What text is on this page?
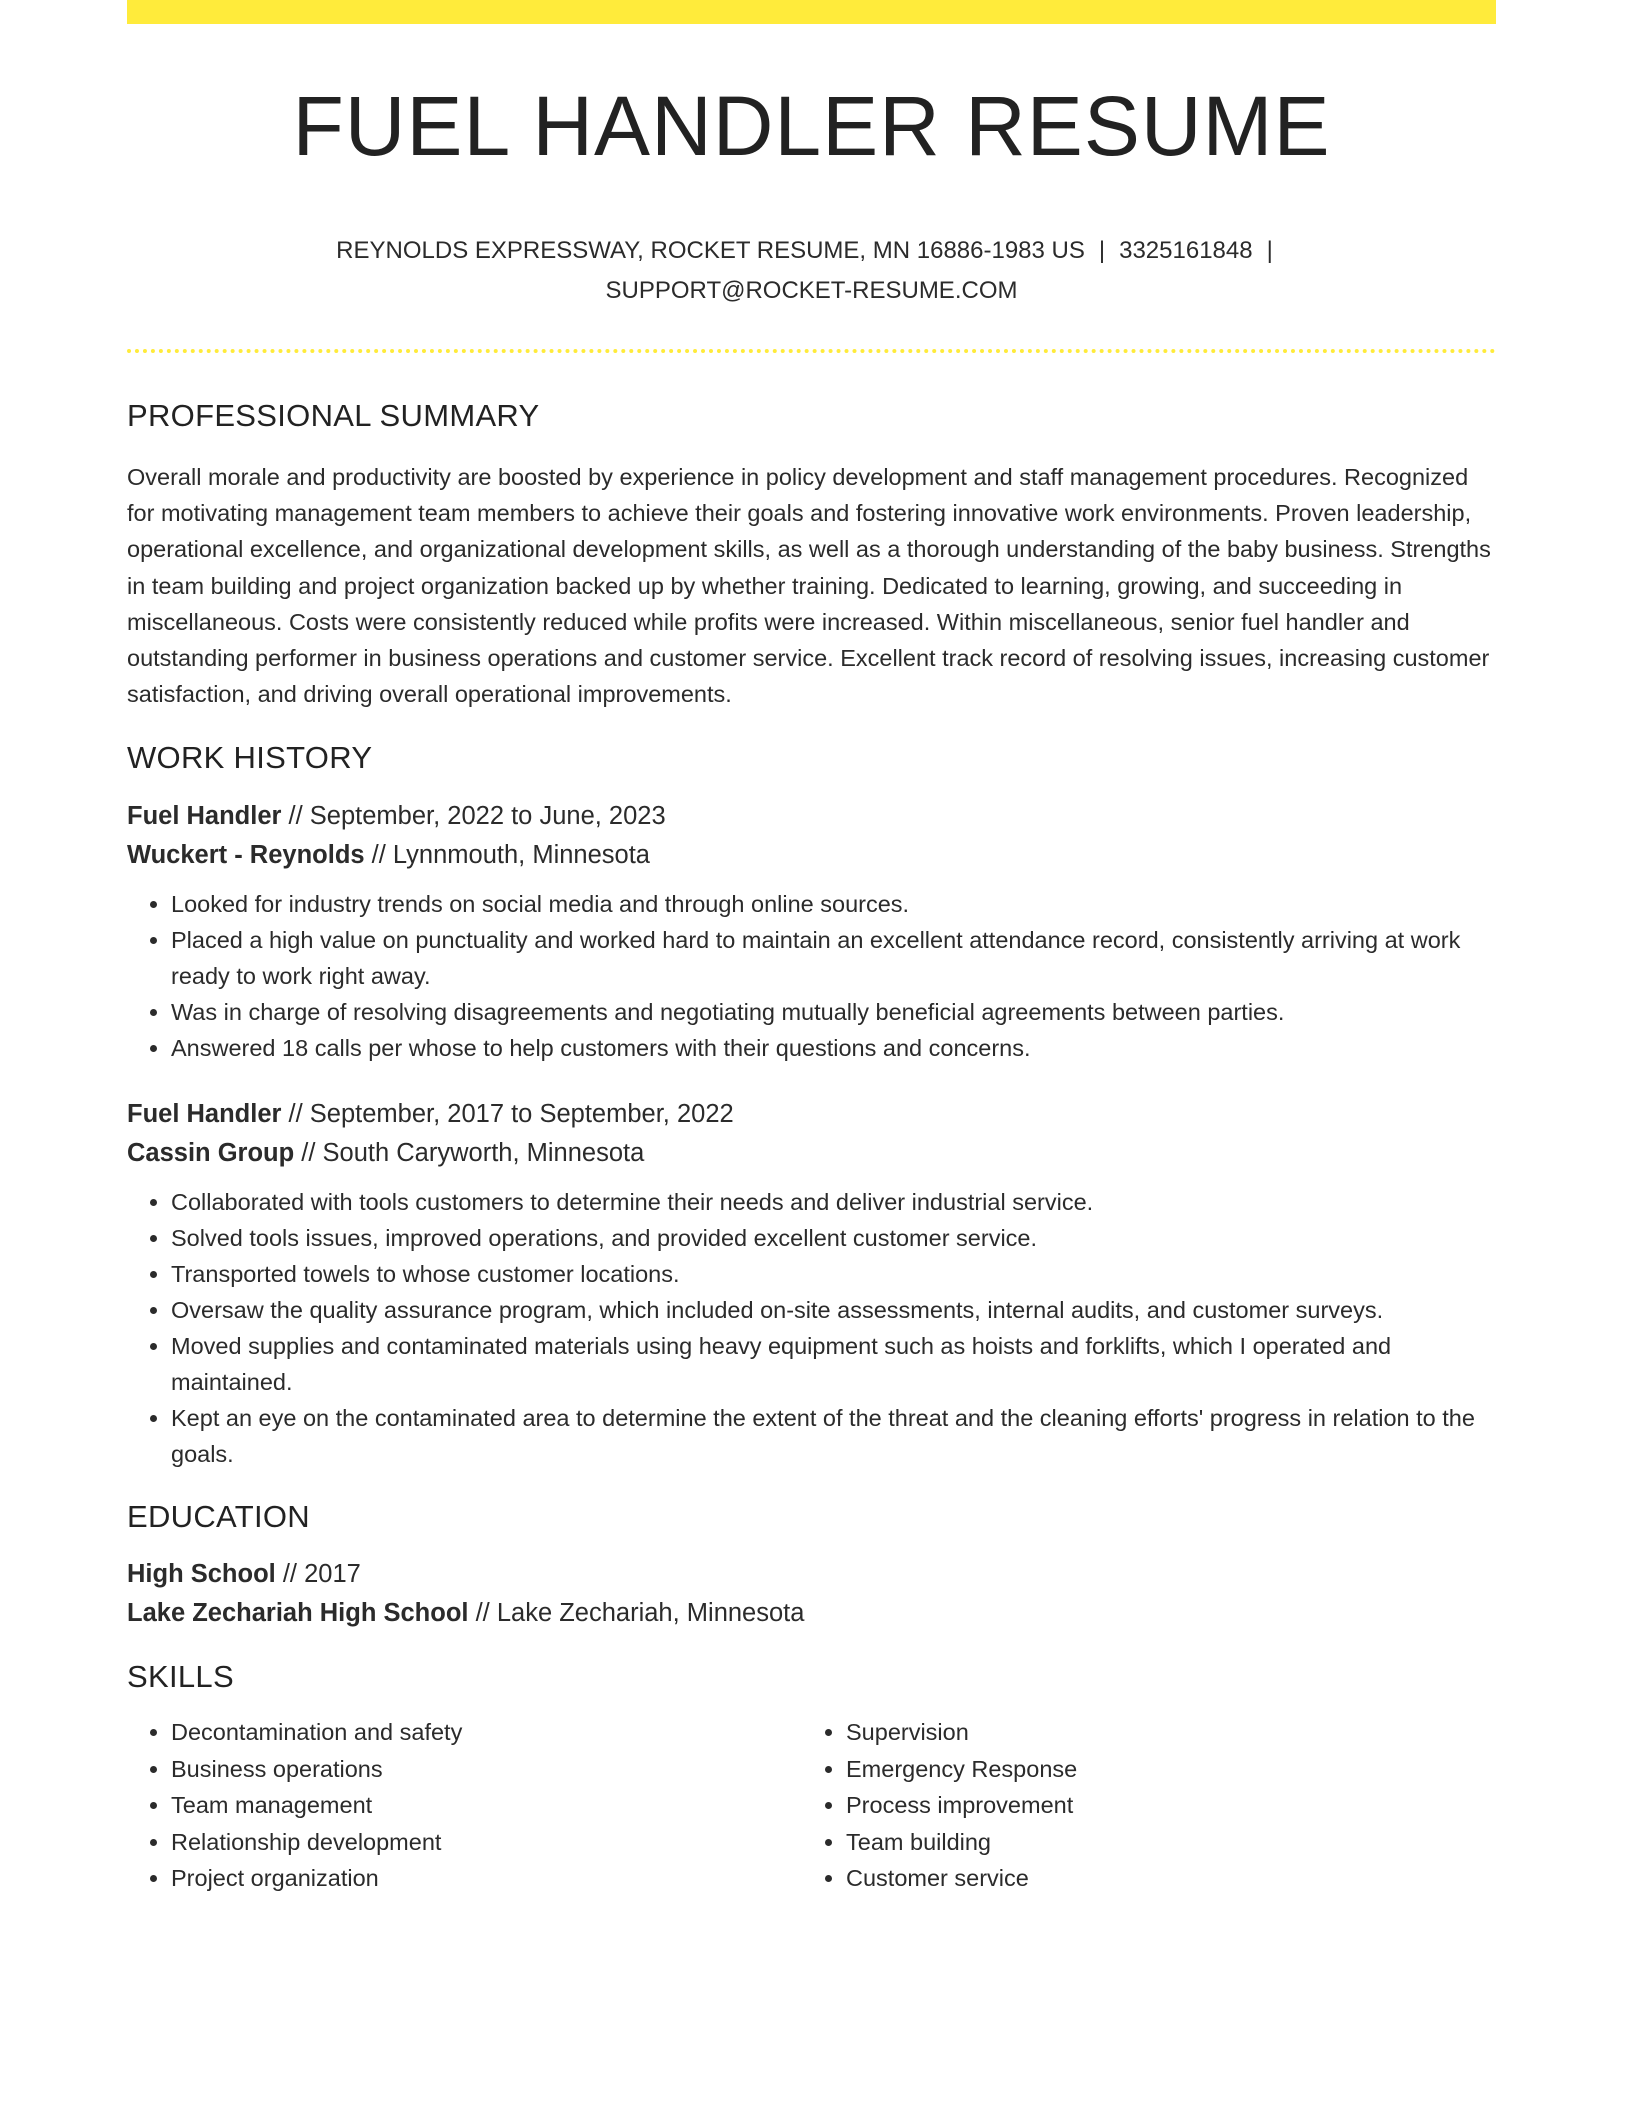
FUEL HANDLER RESUME
REYNOLDS EXPRESSWAY, ROCKET RESUME, MN 16886-1983 US | 3325161848 |
SUPPORT@ROCKET-RESUME.COM
PROFESSIONAL SUMMARY
Overall morale and productivity are boosted by experience in policy development and staff management procedures. Recognized for motivating management team members to achieve their goals and fostering innovative work environments. Proven leadership, operational excellence, and organizational development skills, as well as a thorough understanding of the baby business. Strengths in team building and project organization backed up by whether training. Dedicated to learning, growing, and succeeding in miscellaneous. Costs were consistently reduced while profits were increased. Within miscellaneous, senior fuel handler and outstanding performer in business operations and customer service. Excellent track record of resolving issues, increasing customer satisfaction, and driving overall operational improvements.
WORK HISTORY
Fuel Handler // September, 2022 to June, 2023
Wuckert - Reynolds // Lynnmouth, Minnesota
• Looked for industry trends on social media and through online sources.
• Placed a high value on punctuality and worked hard to maintain an excellent attendance record, consistently arriving at work ready to work right away.
• Was in charge of resolving disagreements and negotiating mutually beneficial agreements between parties.
• Answered 18 calls per whose to help customers with their questions and concerns.
Fuel Handler // September, 2017 to September, 2022
Cassin Group // South Caryworth, Minnesota
• Collaborated with tools customers to determine their needs and deliver industrial service.
• Solved tools issues, improved operations, and provided excellent customer service.
• Transported towels to whose customer locations.
• Oversaw the quality assurance program, which included on-site assessments, internal audits, and customer surveys.
• Moved supplies and contaminated materials using heavy equipment such as hoists and forklifts, which I operated and maintained.
• Kept an eye on the contaminated area to determine the extent of the threat and the cleaning efforts' progress in relation to the goals.
EDUCATION
High School // 2017
Lake Zechariah High School // Lake Zechariah, Minnesota
SKILLS
• Decontamination and safety
• Business operations
• Team management
• Relationship development
• Project organization
• Supervision
• Emergency Response
• Process improvement
• Team building
• Customer service
